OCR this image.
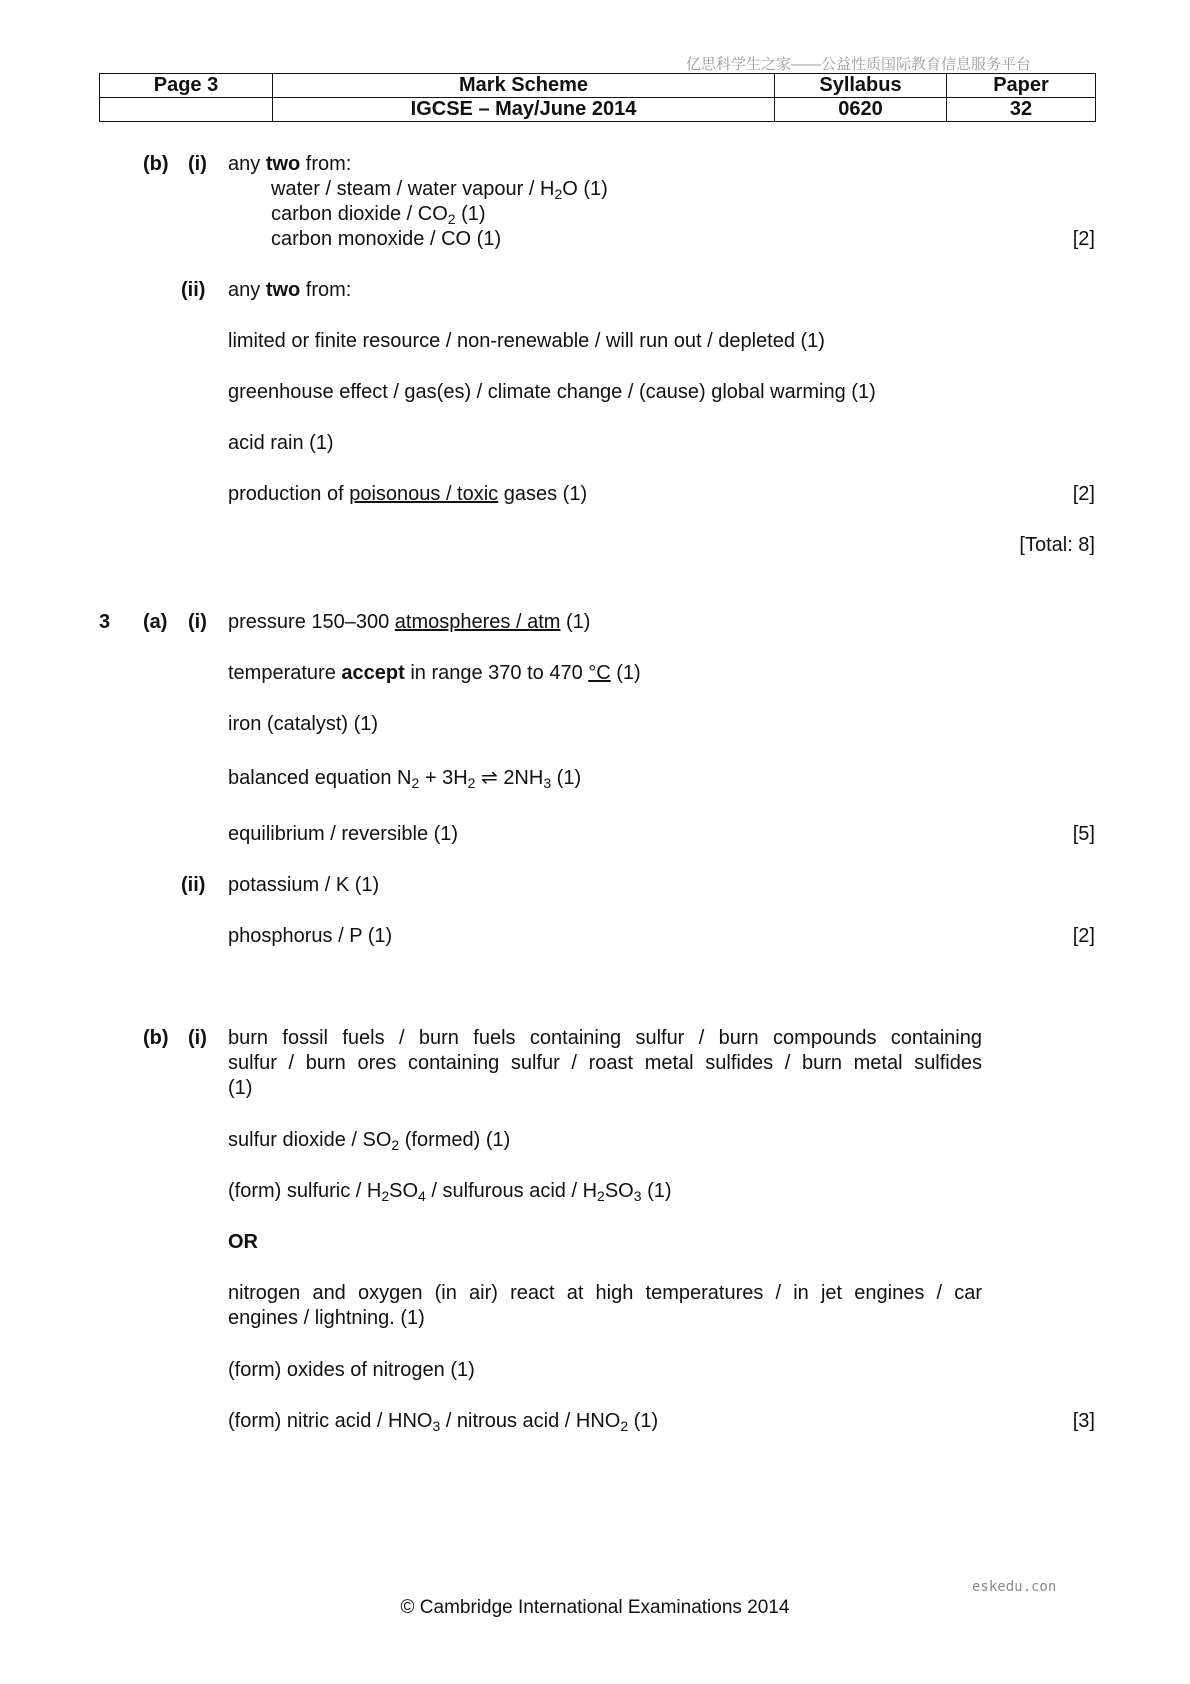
亿思科学生之家——公益性质国际教育信息服务平台
Page 3	Mark Scheme	Syllabus	Paper
	IGCSE – May/June 2014	0620	32
(b) (i) any two from:
water / steam / water vapour / $H_2O$ (1)
carbon dioxide / $CO_2$ (1)
carbon monoxide / CO (1)	[2]
(ii) any two from:
limited or finite resource / non-renewable / will run out / depleted (1)
greenhouse effect / gas(es) / climate change / (cause) global warming (1)
acid rain (1)
production of poisonous / toxic gases (1)	[2]
[Total: 8]
3 (a) (i) pressure 150–300 atmospheres / atm (1)
temperature accept in range 370 to 470 °C (1)
iron (catalyst) (1)
balanced equation $N_2 + 3H_2$ ⇌ $2NH_3$ (1)
equilibrium / reversible (1)	[5]
(ii) potassium / K (1)
phosphorus / P (1)	[2]
(b) (i) burn fossil fuels / burn fuels containing sulfur / burn compounds containing
sulfur / burn ores containing sulfur / roast metal sulfides / burn metal sulfides
(1)
sulfur dioxide / $SO_2$ (formed) (1)
(form) sulfuric / $H_2SO_4$ / sulfurous acid / $H_2SO_3$ (1)
OR
nitrogen and oxygen (in air) react at high temperatures / in jet engines / car
engines / lightning. (1)
(form) oxides of nitrogen (1)
(form) nitric acid / $HNO_3$ / nitrous acid / $HNO_2$ (1)	[3]
eskedu.con
© Cambridge International Examinations 2014
